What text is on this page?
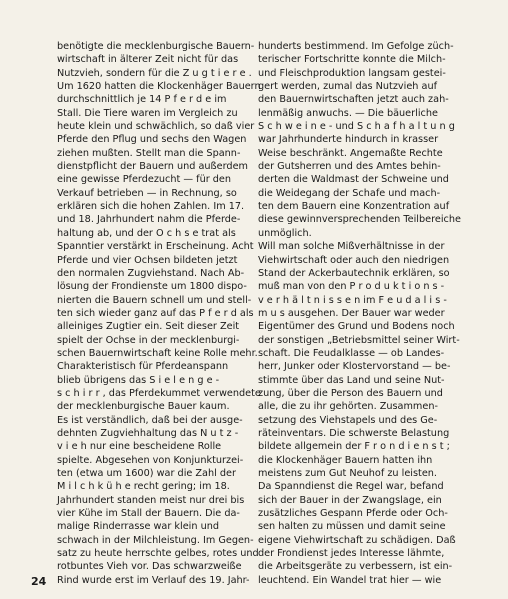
benötigte die mecklenburgische Bauern-

wirtschaft in älterer Zeit nicht für das

Nutzvieh, sondern für die Z u g t i e r e .

Um 1620 hatten die Klockenhäger Bauern

durchschnittlich je 14 P f e r d e im

Stall. Die Tiere waren im Vergleich zu

heute klein und schwächlich, so daß vier

Pferde den Pflug und sechs den Wagen

ziehen mußten. Stellt man die Spann-

dienstpflicht der Bauern und außerdem

eine gewisse Pferdezucht — für den

Verkauf betrieben — in Rechnung, so

erklären sich die hohen Zahlen. Im 17.

und 18. Jahrhundert nahm die Pferde-

haltung ab, und der O c h s e trat als

Spanntier verstärkt in Erscheinung. Acht

Pferde und vier Ochsen bildeten jetzt

den normalen Zugviehstand. Nach Ab-

lösung der Frondienste um 1800 dispo-

nierten die Bauern schnell um und stell-

ten sich wieder ganz auf das P f e r d als

alleiniges Zugtier ein. Seit dieser Zeit

spielt der Ochse in der mecklenburgi-

schen Bauernwirtschaft keine Rolle mehr.

Charakteristisch für Pferdeanspann

blieb übrigens das S i e l e n g e -

s c h i r r , das Pferdekummet verwendete

der mecklenburgische Bauer kaum.

Es ist verständlich, daß bei der ausge-

dehnten Zugviehhaltung das N u t z -

v i e h nur eine bescheidene Rolle

spielte. Abgesehen von Konjunkturzei-

ten (etwa um 1600) war die Zahl der

M i l c h k ü h e recht gering; im 18.

Jahrhundert standen meist nur drei bis

vier Kühe im Stall der Bauern. Die da-

malige Rinderrasse war klein und

schwach in der Milchleistung. Im Gegen-

satz zu heute herrschte gelbes, rotes und

rotbuntes Vieh vor. Das schwarzweiße

Rind wurde erst im Verlauf des 19. Jahr-

hunderts bestimmend. Im Gefolge züch-

terischer Fortschritte konnte die Milch-

und Fleischproduktion langsam gestei-

gert werden, zumal das Nutzvieh auf

den Bauernwirtschaften jetzt auch zah-

lenmäßig anwuchs. — Die bäuerliche

S c h w e i n e - und S c h a f h a l t u n g

war Jahrhunderte hindurch in krasser

Weise beschränkt. Angemaßte Rechte

der Gutsherren und des Amtes behin-

derten die Waldmast der Schweine und

die Weidegang der Schafe und mach-

ten dem Bauern eine Konzentration auf

diese gewinnversprechenden Teilbereiche

unmöglich.

Will man solche Mißverhältnisse in der

Viehwirtschaft oder auch den niedrigen

Stand der Ackerbautechnik erklären, so

muß man von den P r o d u k t i o n s -

v e r h ä l t n i s s e n im F e u d a l i s -

m u s ausgehen. Der Bauer war weder

Eigentümer des Grund und Bodens noch

der sonstigen „Betriebsmittel seiner Wirt-

schaft. Die Feudalklasse — ob Landes-

herr, Junker oder Klostervorstand — be-

stimmte über das Land und seine Nut-

zung, über die Person des Bauern und

alle, die zu ihr gehörten. Zusammen-

setzung des Viehstapels und des Ge-

räteinventars. Die schwerste Belastung

bildete allgemein der F r o n d i e n s t ;

die Klockenhäger Bauern hatten ihn

meistens zum Gut Neuhof zu leisten.

Da Spanndienst die Regel war, befand

sich der Bauer in der Zwangslage, ein

zusätzliches Gespann Pferde oder Och-

sen halten zu müssen und damit seine

eigene Viehwirtschaft zu schädigen. Daß

der Frondienst jedes Interesse lähmte,

die Arbeitsgeräte zu verbessern, ist ein-

leuchtend. Ein Wandel trat hier — wie

24
